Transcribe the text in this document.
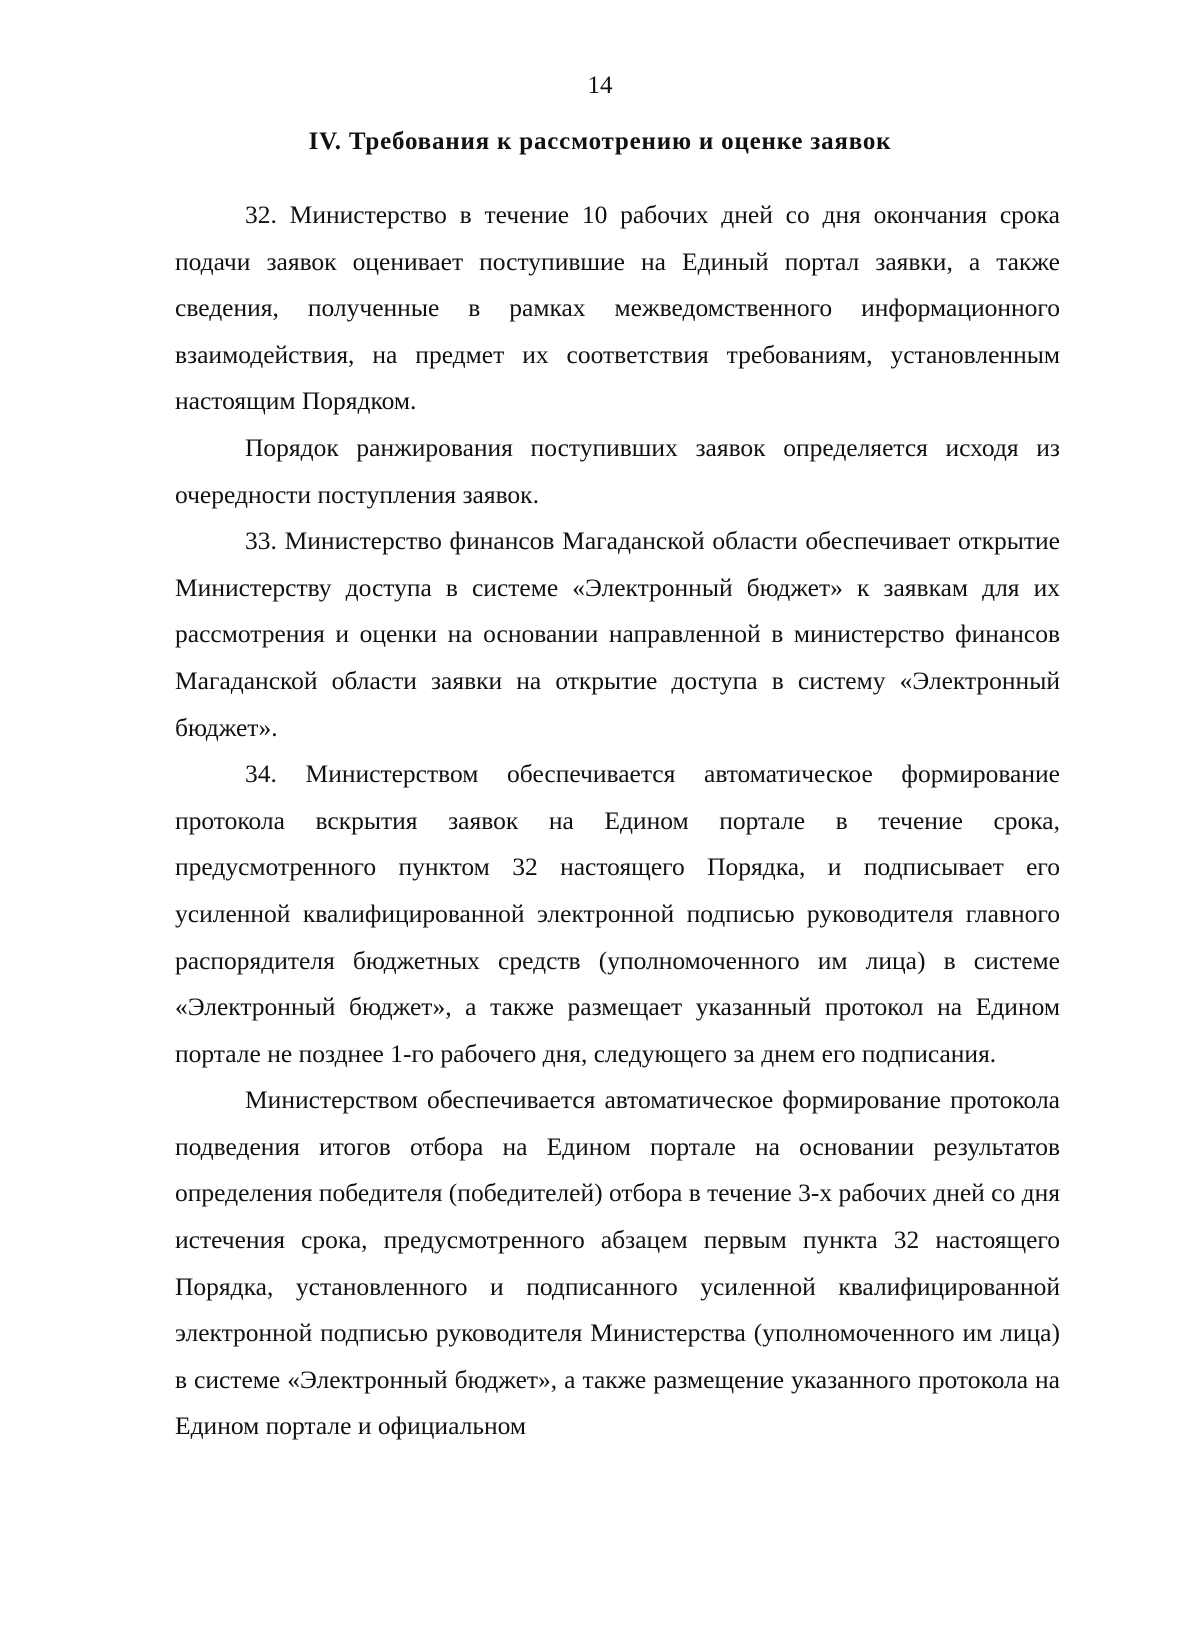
14
IV. Требования к рассмотрению и оценке заявок

32. Министерство в течение 10 рабочих дней со дня окончания срока подачи заявок оценивает поступившие на Единый портал заявки, а также сведения, полученные в рамках межведомственного информационного взаимодействия, на предмет их соответствия требованиям, установленным настоящим Порядком.

Порядок ранжирования поступивших заявок определяется исходя из очередности поступления заявок.

33. Министерство финансов Магаданской области обеспечивает открытие Министерству доступа в системе «Электронный бюджет» к заявкам для их рассмотрения и оценки на основании направленной в министерство финансов Магаданской области заявки на открытие доступа в систему «Электронный бюджет».

34. Министерством обеспечивается автоматическое формирование протокола вскрытия заявок на Едином портале в течение срока, предусмотренного пунктом 32 настоящего Порядка, и подписывает его усиленной квалифицированной электронной подписью руководителя главного распорядителя бюджетных средств (уполномоченного им лица) в системе «Электронный бюджет», а также размещает указанный протокол на Едином портале не позднее 1-го рабочего дня, следующего за днем его подписания.

Министерством обеспечивается автоматическое формирование протокола подведения итогов отбора на Едином портале на основании результатов определения победителя (победителей) отбора в течение 3-х рабочих дней со дня истечения срока, предусмотренного абзацем первым пункта 32 настоящего Порядка, установленного и подписанного усиленной квалифицированной электронной подписью руководителя Министерства (уполномоченного им лица) в системе «Электронный бюджет», а также размещение указанного протокола на Едином портале и официальном
